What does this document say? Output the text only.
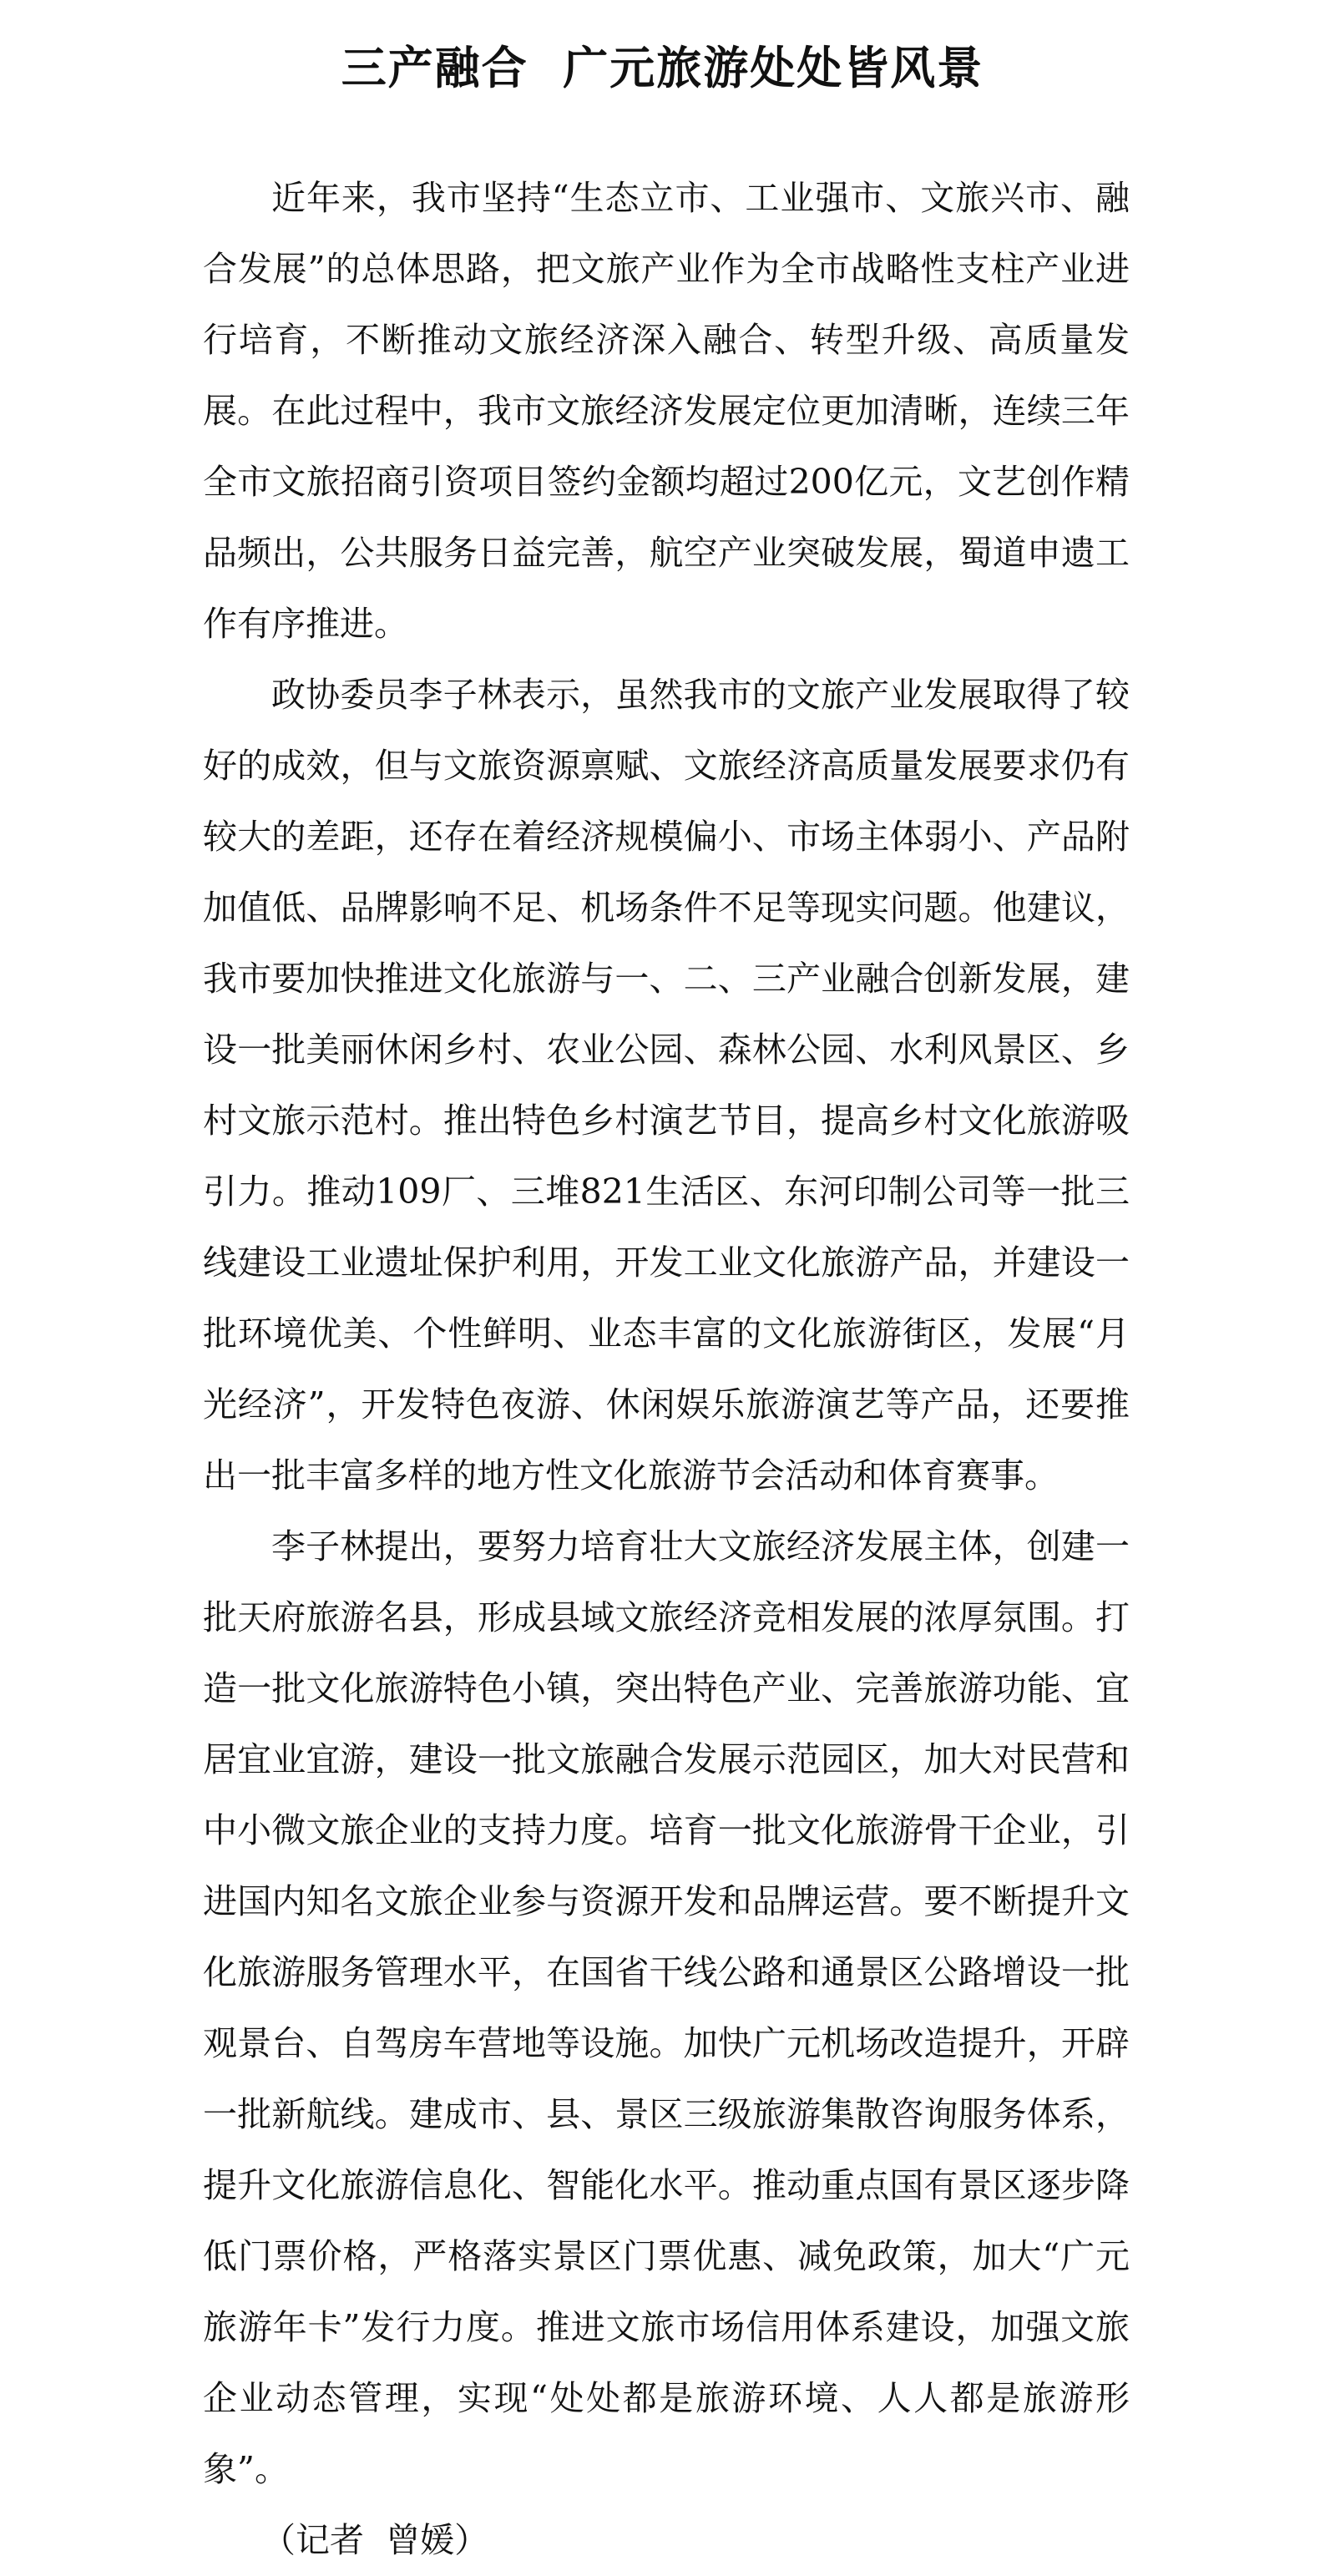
三产融合  广元旅游处处皆风景

近年来，我市坚持“生态立市、工业强市、文旅兴市、融合发展”的总体思路，把文旅产业作为全市战略性支柱产业进行培育，不断推动文旅经济深入融合、转型升级、高质量发展。在此过程中，我市文旅经济发展定位更加清晰，连续三年全市文旅招商引资项目签约金额均超过200亿元，文艺创作精品频出，公共服务日益完善，航空产业突破发展，蜀道申遗工作有序推进。

政协委员李子林表示，虽然我市的文旅产业发展取得了较好的成效，但与文旅资源禀赋、文旅经济高质量发展要求仍有较大的差距，还存在着经济规模偏小、市场主体弱小、产品附加值低、品牌影响不足、机场条件不足等现实问题。他建议，我市要加快推进文化旅游与一、二、三产业融合创新发展，建设一批美丽休闲乡村、农业公园、森林公园、水利风景区、乡村文旅示范村。推出特色乡村演艺节目，提高乡村文化旅游吸引力。推动109厂、三堆821生活区、东河印制公司等一批三线建设工业遗址保护利用，开发工业文化旅游产品，并建设一批环境优美、个性鲜明、业态丰富的文化旅游街区，发展“月光经济”，开发特色夜游、休闲娱乐旅游演艺等产品，还要推出一批丰富多样的地方性文化旅游节会活动和体育赛事。

李子林提出，要努力培育壮大文旅经济发展主体，创建一批天府旅游名县，形成县域文旅经济竞相发展的浓厚氛围。打造一批文化旅游特色小镇，突出特色产业、完善旅游功能、宜居宜业宜游，建设一批文旅融合发展示范园区，加大对民营和中小微文旅企业的支持力度。培育一批文化旅游骨干企业，引进国内知名文旅企业参与资源开发和品牌运营。要不断提升文化旅游服务管理水平，在国省干线公路和通景区公路增设一批观景台、自驾房车营地等设施。加快广元机场改造提升，开辟一批新航线。建成市、县、景区三级旅游集散咨询服务体系，提升文化旅游信息化、智能化水平。推动重点国有景区逐步降低门票价格，严格落实景区门票优惠、减免政策，加大“广元旅游年卡”发行力度。推进文旅市场信用体系建设，加强文旅企业动态管理，实现“处处都是旅游环境、人人都是旅游形象”。

（记者  曾媛）
